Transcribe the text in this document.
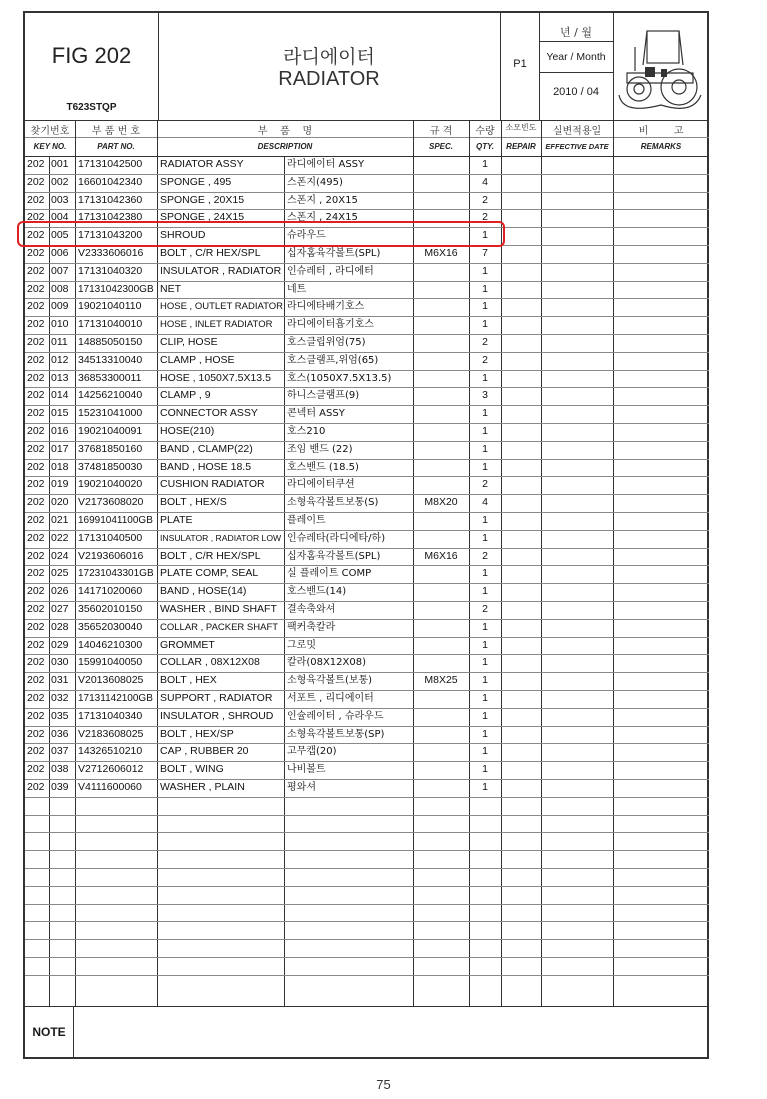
FIG 202
T623STQP
라디에이터
RADIATOR
P1
년 / 월
Year / Month
2010 / 04
찾기번호
KEY NO.
부 품 번 호
PART NO.
부    품    명
DESCRIPTION
규 격
SPEC.
수량
QTY.
소모빈도
REPAIR
실변적용일
EFFECTIVE DATE
비        고
REMARKS
202 001 17131042500	RADIATOR ASSY	라디에이터 ASSY	1
202 002 16601042340	SPONGE , 495	스폰지(495)	4
202 003 17131042360	SPONGE , 20X15	스폰지 , 20X15	2
202 004 17131042380	SPONGE , 24X15	스폰지 , 24X15	2
202 005 17131043200	SHROUD	슈라우드	1
202 006 V2333606016	BOLT , C/R HEX/SPL	십자홈육각볼트(SPL)	M6X16	7
202 007 17131040320	INSULATOR , RADIATOR 인슈레터 , 라디에터	1
202 008 17131042300GB NET	네트	1
202 009 19021040110	HOSE , OUTLET RADIATOR 라디에타배기호스	1
202 010 17131040010	HOSE , INLET RADIATOR	라디에이터흡기호스	1
202 011 14885050150	CLIP, HOSE	호스클립위엄(75)	2
202 012 34513310040	CLAMP , HOSE	호스클램프,위엄(65)	2
202 013 36853300011	HOSE , 1050X7.5X13.5	호스(1050X7.5X13.5)	1
202 014 14256210040	CLAMP , 9	하니스클램프(9)	3
202 015 15231041000	CONNECTOR ASSY	콘넥터 ASSY	1
202 016 19021040091	HOSE(210)	호스210	1
202 017 37681850160	BAND , CLAMP(22)	조임 밴드 (22)	1
202 018 37481850030	BAND , HOSE 18.5	호스밴드 (18.5)	1
202 019 19021040020	CUSHION RADIATOR	라디에이터쿠션	2
202 020 V2173608020	BOLT , HEX/S	소형육각볼트보통(S)	M8X20	4
202 021 16991041100GB PLATE	플레이트	1
202 022 17131040500	INSULATOR , RADIATOR LOW 인슈레타(라디에타/하)	1
202 024 V2193606016	BOLT , C/R HEX/SPL	십자홈육각볼트(SPL)	M6X16	2
202 025 17231043301GB PLATE COMP, SEAL	실 플레이트 COMP	1
202 026 14171020060	BAND , HOSE(14)	호스밴드(14)	1
202 027 35602010150	WASHER , BIND SHAFT	결속축와셔	2
202 028 35652030040	COLLAR , PACKER SHAFT 팩커축칼라	1
202 029 14046210300	GROMMET	그로밋	1
202 030 15991040050	COLLAR , 08X12X08	칼라(08X12X08)	1
202 031 V2013608025	BOLT , HEX	소형육각볼트(보통)	M8X25	1
202 032 17131142100GB SUPPORT , RADIATOR	서포트 , 리디에이터	1
202 035 17131040340	INSULATOR , SHROUD	인슐레이터 , 슈라우드	1
202 036 V2183608025	BOLT , HEX/SP	소형육각볼트보통(SP)	1
202 037 14326510210	CAP , RUBBER 20	고무캡(20)	1
202 038 V2712606012	BOLT , WING	나비볼트	1
202 039 V4111600060	WASHER , PLAIN	평와셔	1
NOTE
75
